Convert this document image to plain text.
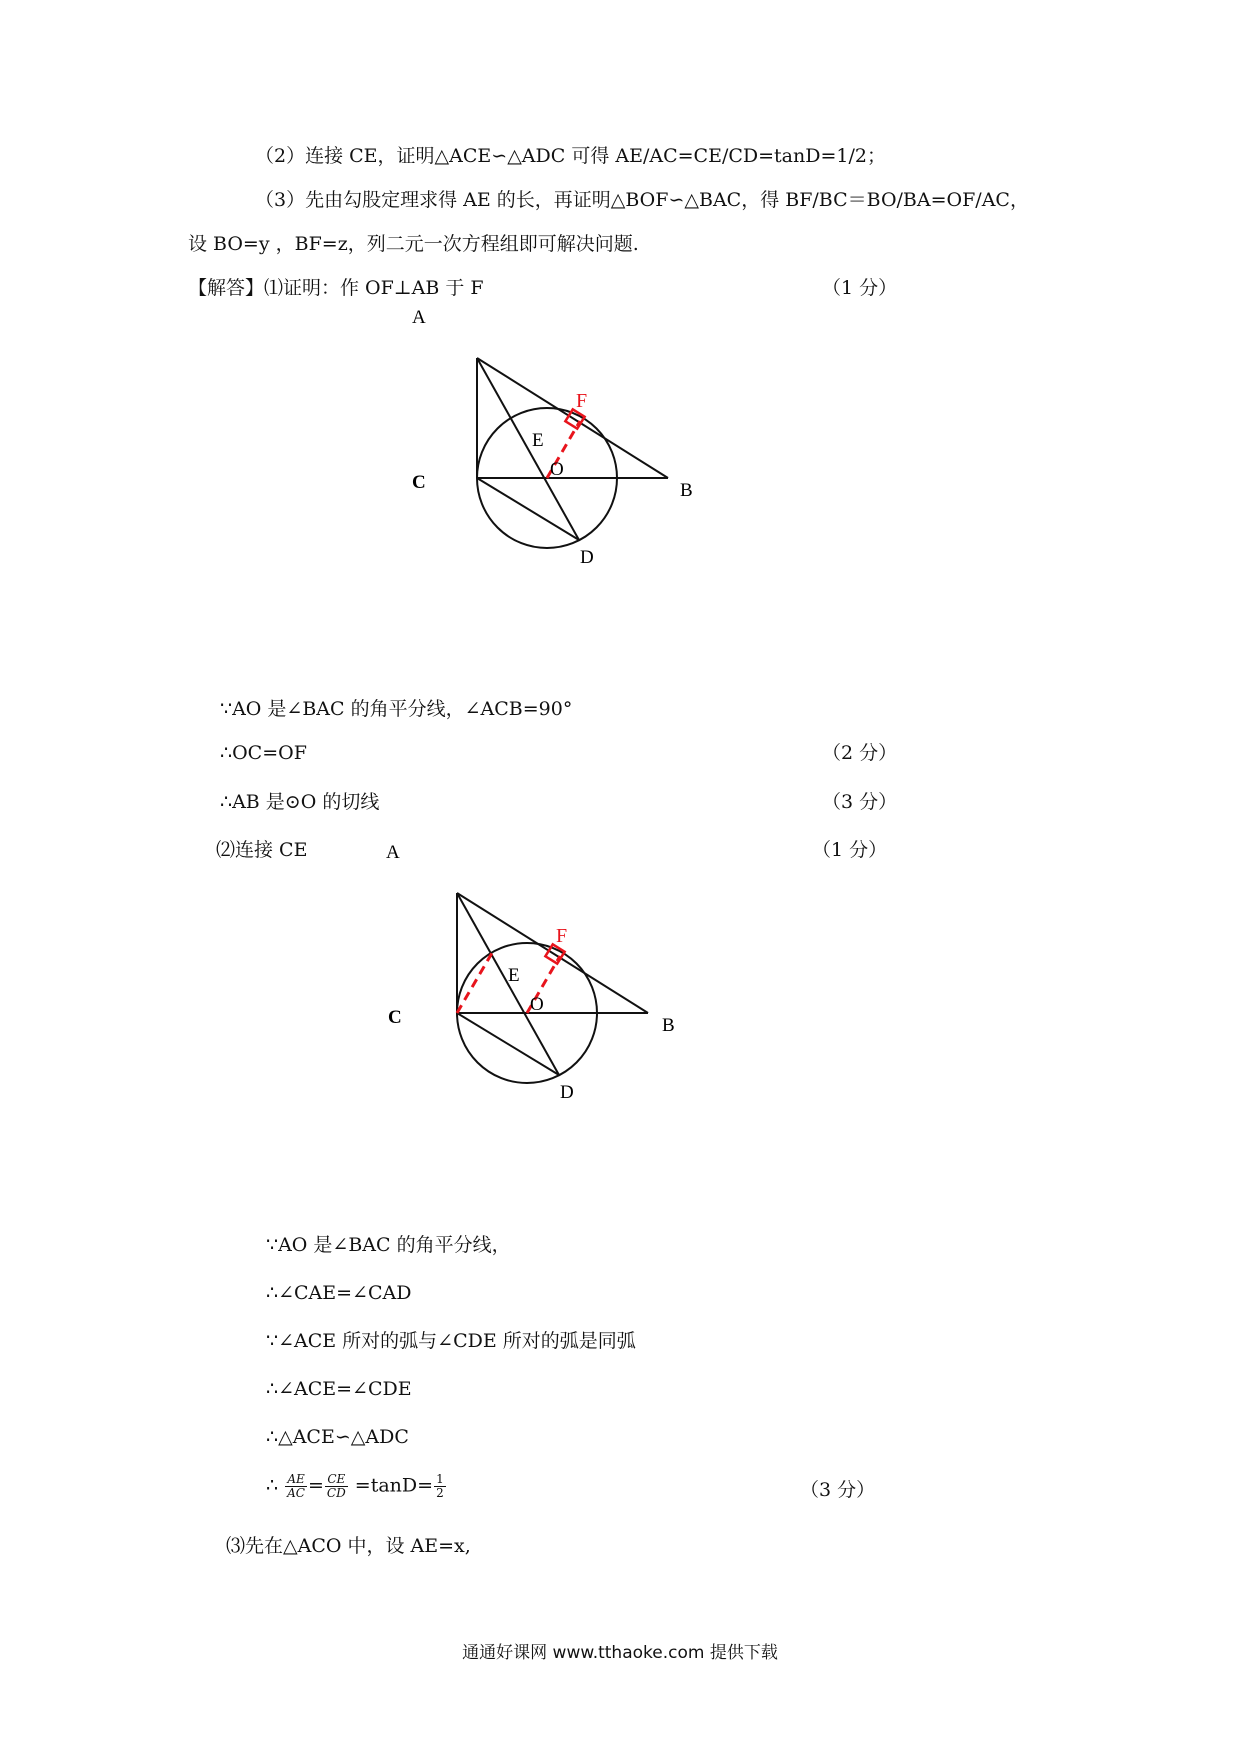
（2）连接 CE，证明△ACE∽△ADC 可得 AE/AC=CE/CD=tanD=1/2；
（3）先由勾股定理求得 AE 的长，再证明△BOF∽△BAC，得 BF/BC＝BO/BA=OF/AC，
设 BO=y ，BF=z，列二元一次方程组即可解决问题.
【解答】⑴证明：作 OF⊥AB 于 F	（1 分）
A
F
E
O
C	B
D
∵AO 是∠BAC 的角平分线，∠ACB=90°
∴OC=OF	（2 分）
∴AB 是⊙O 的切线	（3 分）
⑵连接 CE	（1 分）
A
F
E
O
C	B
D
∵AO 是∠BAC 的角平分线，
∴∠CAE=∠CAD
∵∠ACE 所对的弧与∠CDE 所对的弧是同弧
∴∠ACE=∠CDE
∴△ACE∽△ADC
∴ $\frac{AE}{AC} = \frac{CE}{CD} =\tan D= \frac{1}{2}$	（3 分）
⑶先在△ACO 中，设 AE=x,
通通好课网 www.tthaoke.com 提供下载
